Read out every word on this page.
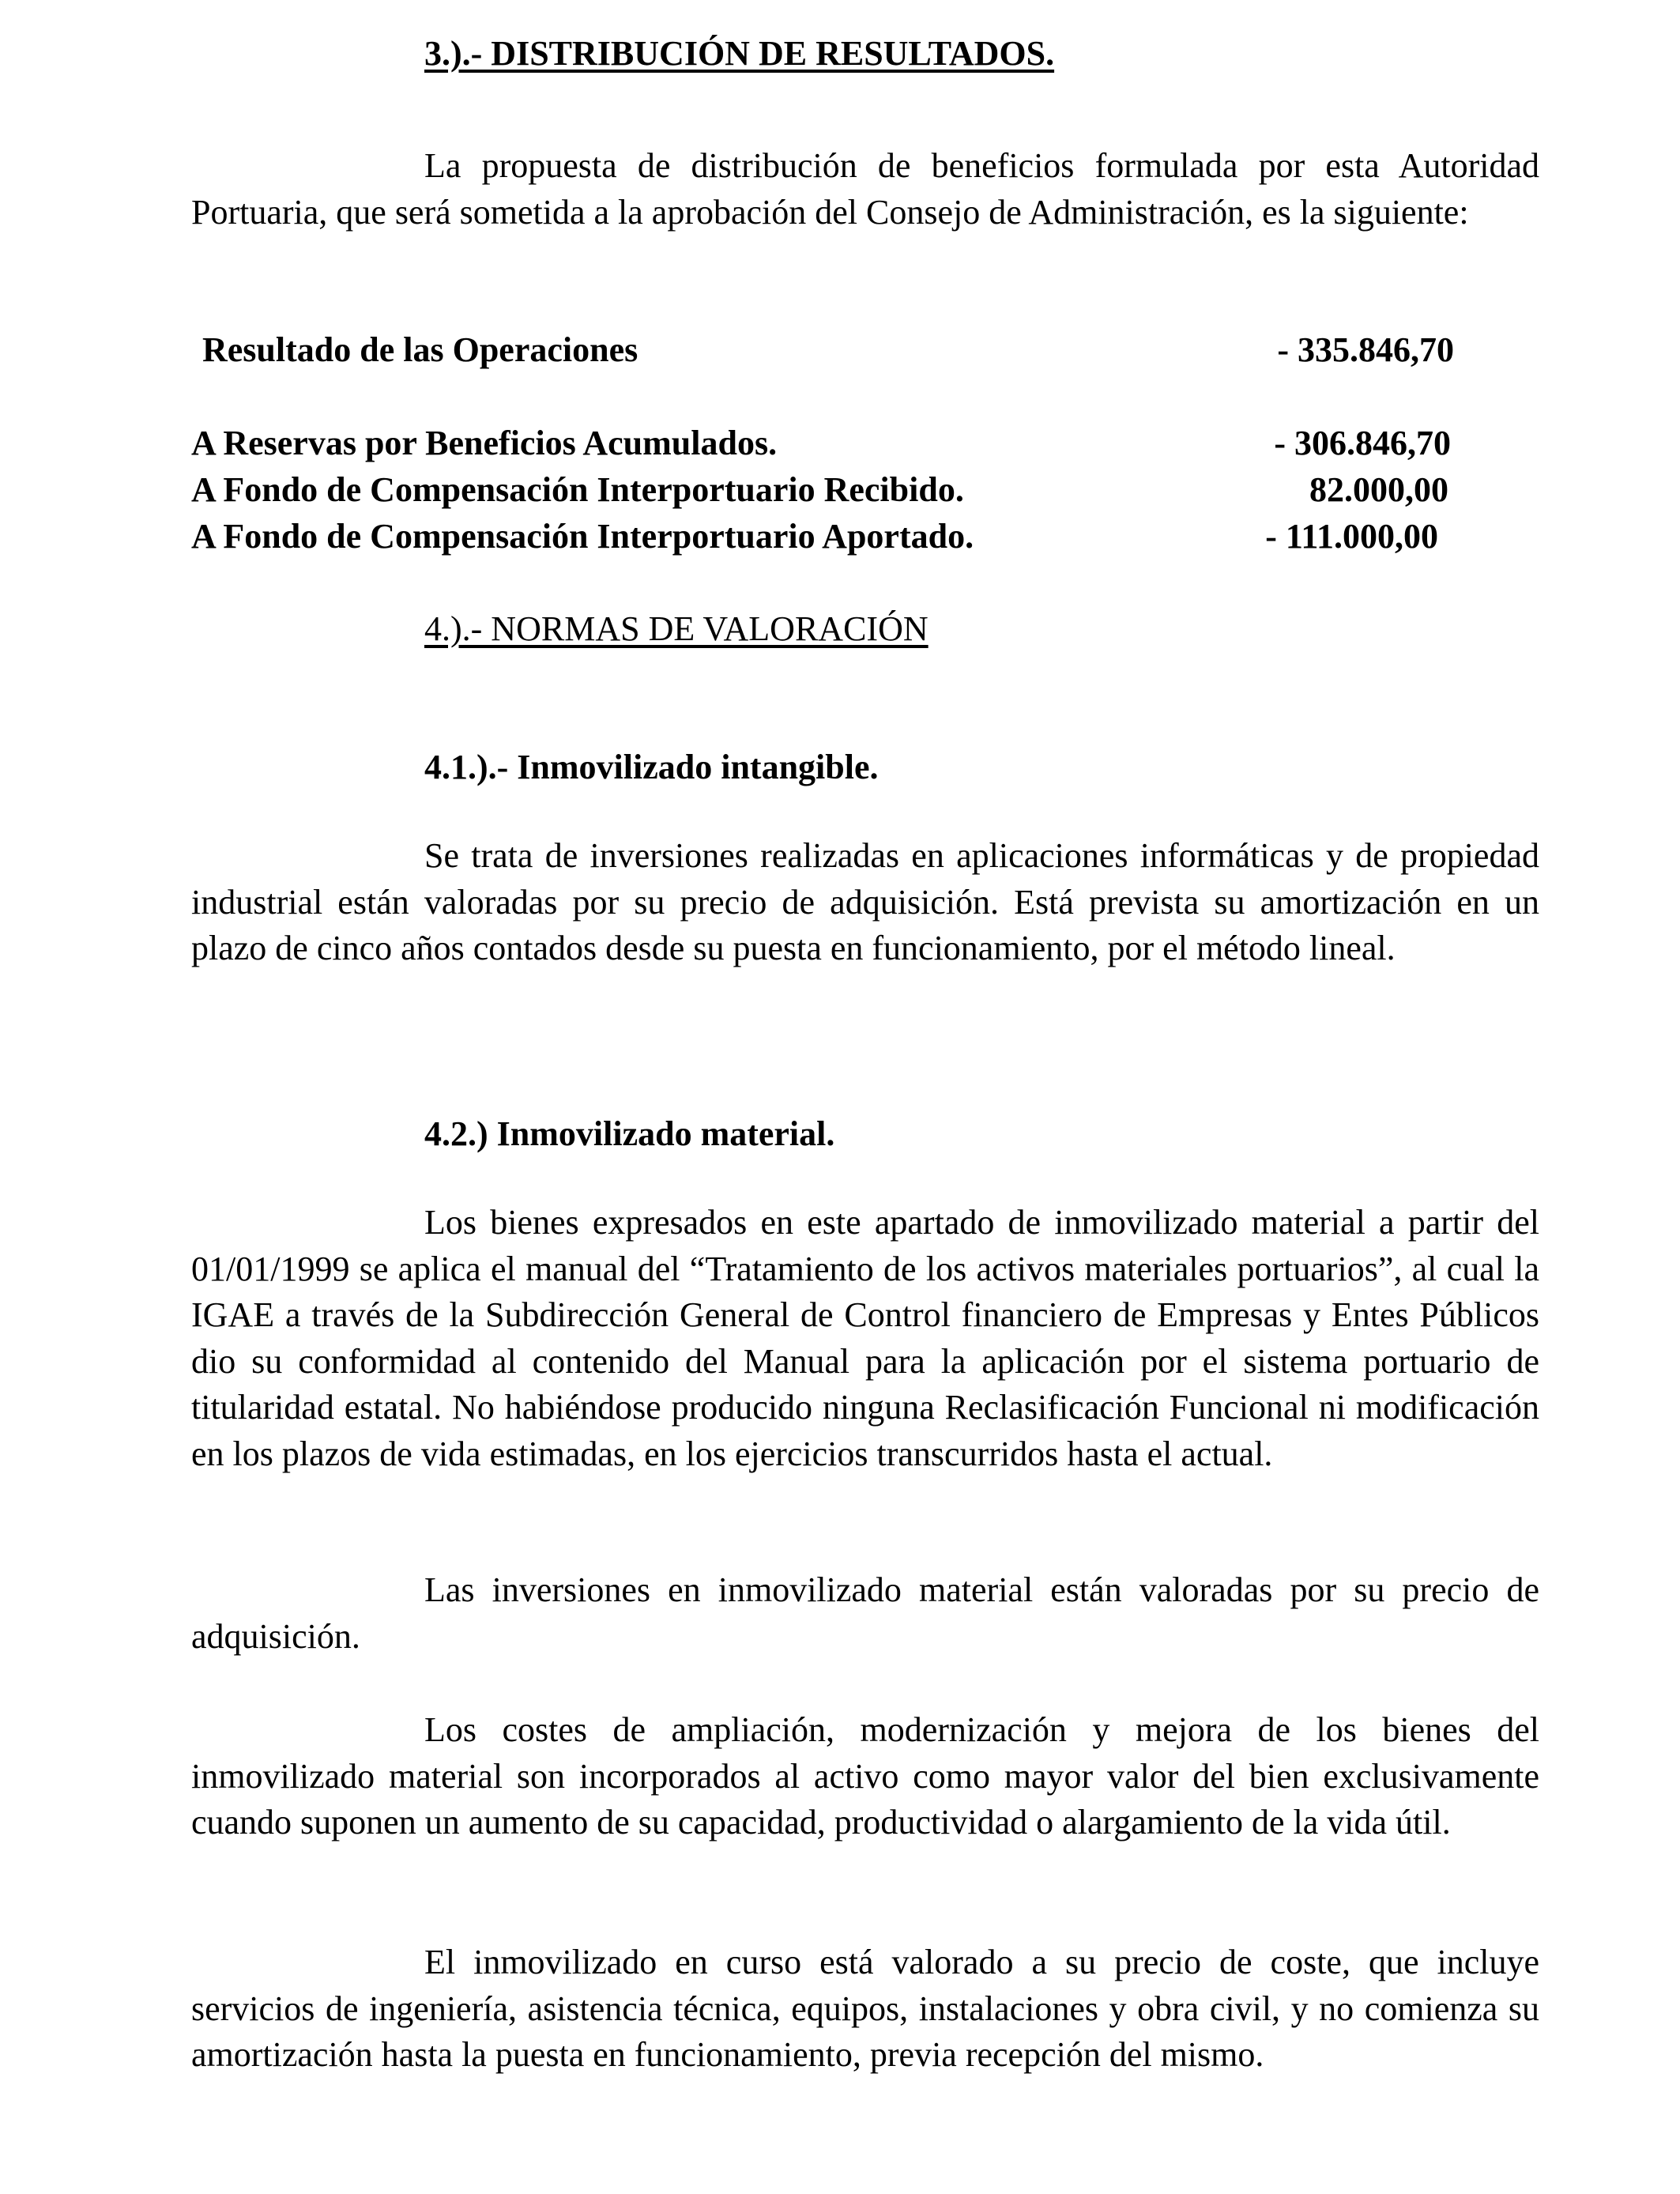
3.).- DISTRIBUCIÓN DE RESULTADOS.

La propuesta de distribución de beneficios formulada por esta Autoridad Portuaria, que será sometida a la aprobación del Consejo de Administración, es la siguiente:

Resultado de las Operaciones	- 335.846,70
A Reservas por Beneficios Acumulados.	- 306.846,70
A Fondo de Compensación Interportuario Recibido.	82.000,00
A Fondo de Compensación Interportuario Aportado.	- 111.000,00
4.).- NORMAS DE VALORACIÓN
4.1.).- Inmovilizado intangible.

Se trata de inversiones realizadas en aplicaciones informáticas y de propiedad industrial están valoradas por su precio de adquisición. Está prevista su amortización en un plazo de cinco años contados desde su puesta en funcionamiento, por el método lineal.

4.2.) Inmovilizado material.

Los bienes expresados en este apartado de inmovilizado material a partir del 01/01/1999 se aplica el manual del “Tratamiento de los activos materiales portuarios”, al cual la IGAE a través de la Subdirección General de Control financiero de Empresas y Entes Públicos dio su conformidad al contenido del Manual para la aplicación por el sistema portuario de titularidad estatal. No habiéndose producido ninguna Reclasificación Funcional ni modificación en los plazos de vida estimadas, en los ejercicios transcurridos hasta el actual.

Las inversiones en inmovilizado material están valoradas por su precio de adquisición.

Los costes de ampliación, modernización y mejora de los bienes del inmovilizado material son incorporados al activo como mayor valor del bien exclusivamente cuando suponen un aumento de su capacidad, productividad o alargamiento de la vida útil.

El inmovilizado en curso está valorado a su precio de coste, que incluye servicios de ingeniería, asistencia técnica, equipos, instalaciones y obra civil, y no comienza su amortización hasta la puesta en funcionamiento, previa recepción del mismo.
